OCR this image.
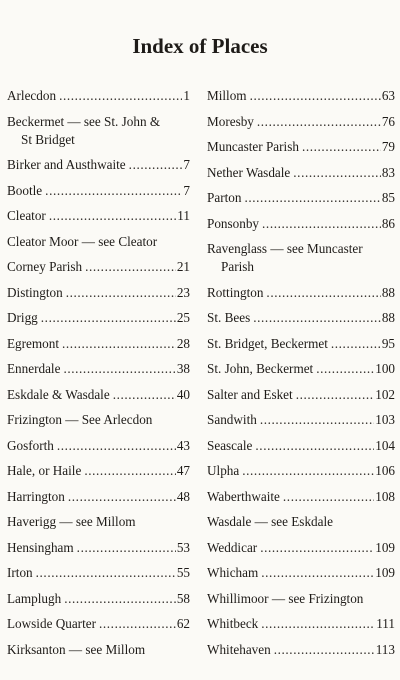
Index of Places
Arlecdon .....	1
Beckermet — see St. John &
St Bridget
Birker and Austhwaite .....	7
Bootle .....	7
Cleator .....	11
Cleator Moor — see Cleator
Corney Parish .....	21
Distington .....	23
Drigg .....	25
Egremont .....	28
Ennerdale .....	38
Eskdale & Wasdale .....	40
Frizington — See Arlecdon
Gosforth .....	43
Hale, or Haile .....	47
Harrington .....	48
Haverigg — see Millom
Hensingham .....	53
Irton .....	55
Lamplugh .....	58
Lowside Quarter .....	62
Kirksanton — see Millom
Millom .....	63
Moresby .....	76
Muncaster Parish .....	79
Nether Wasdale .....	83
Parton .....	85
Ponsonby .....	86
Ravenglass — see Muncaster
Parish
Rottington .....	88
St. Bees .....	88
St. Bridget, Beckermet .....	95
St. John, Beckermet .....	100
Salter and Esket .....	102
Sandwith .....	103
Seascale .....	104
Ulpha .....	106
Waberthwaite .....	108
Wasdale — see Eskdale
Weddicar .....	109
Whicham .....	109
Whillimoor — see Frizington
Whitbeck .....	111
Whitehaven .....	113
